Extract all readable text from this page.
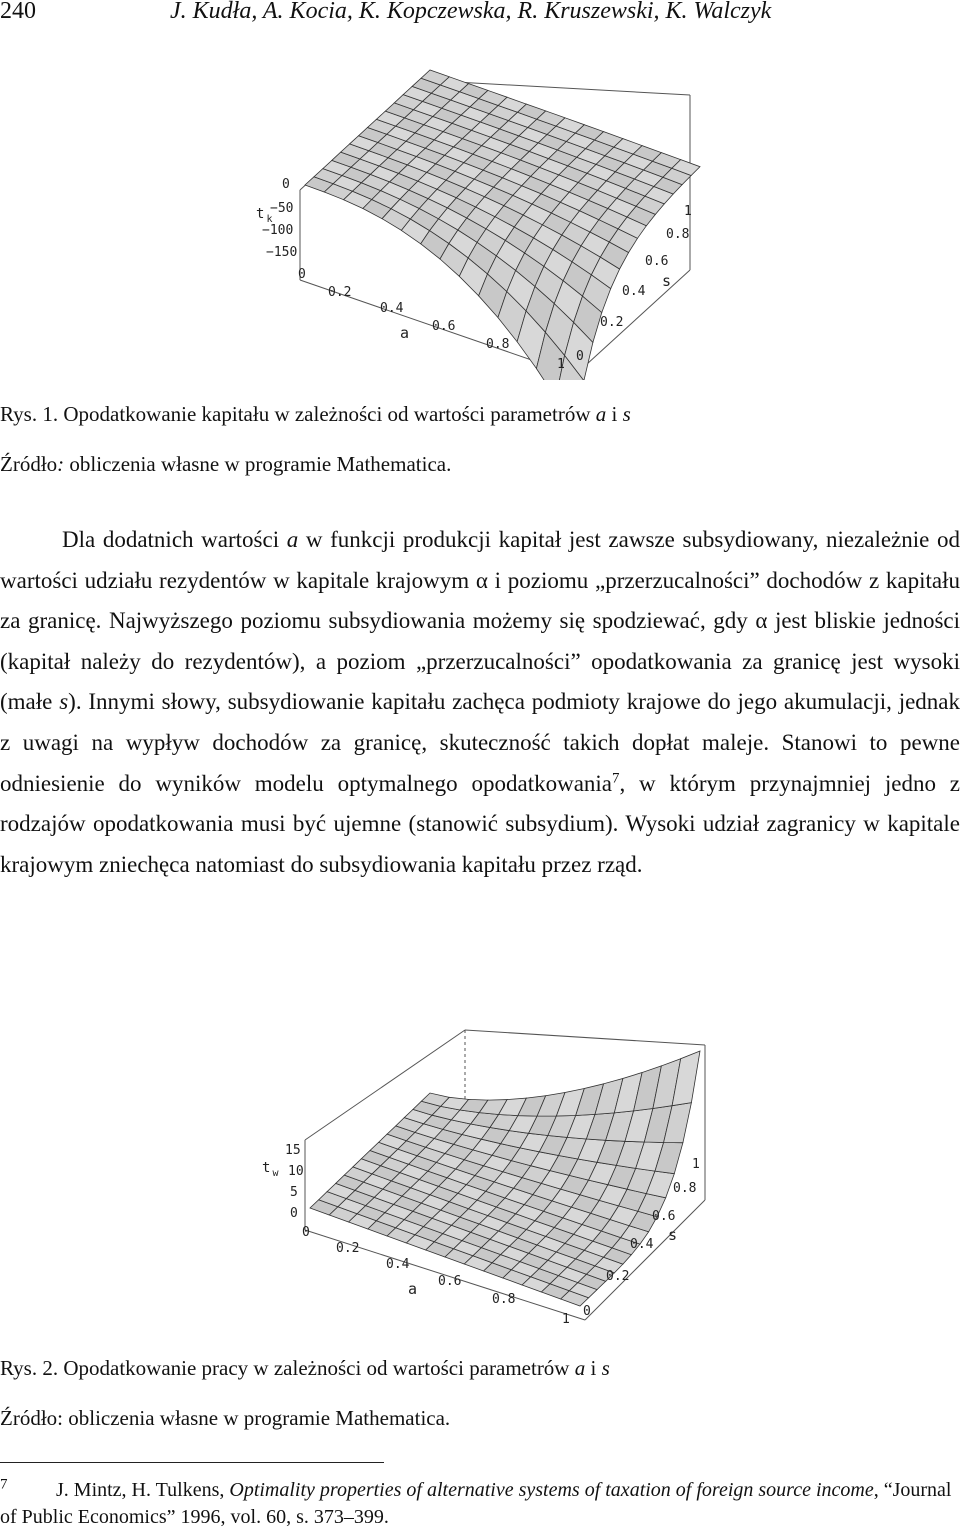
240	J. Kudła, A. Kocia, K. Kopczewska, R. Kruszewski, K. Walczyk
t $_k$
0
−50
−100
−150
0
0.2
0.4
0.6
0.8
1
a
0
0.2
0.4
0.6
0.8
1
s
Rys. 1. Opodatkowanie kapitału w zależności od wartości parametrów a i s
Źródło: obliczenia własne w programie Mathematica.

Dla dodatnich wartości a w funkcji produkcji kapitał jest zawsze subsydiowany, niezależnie od wartości udziału rezydentów w kapitale krajowym α i poziomu „przerzucalności” dochodów z kapitału za granicę. Najwyższego poziomu subsydiowania możemy się spodziewać, gdy α jest bliskie jedności (kapitał należy do rezydentów), a poziom „przerzucalności” opodatkowania za granicę jest wysoki (małe s). Innymi słowy, subsydiowanie kapitału zachęca podmioty krajowe do jego akumulacji, jednak z uwagi na wypływ dochodów za granicę, skuteczność takich dopłat maleje. Stanowi to pewne odniesienie do wyników modelu optymalnego opodatkowania$^7$, w którym przynajmniej jedno z rodzajów opodatkowania musi być ujemne (stanowić subsydium). Wysoki udział zagranicy w kapitale krajowym zniechęca natomiast do subsydiowania kapitału przez rząd.

t $_w$
15
10
5
0
0
0.2
0.4
0.6
0.8
1
a
0
0.2
0.4
0.6
0.8
1
s
Rys. 2. Opodatkowanie pracy w zależności od wartości parametrów a i s
Źródło: obliczenia własne w programie Mathematica.
$^7$ J. Mintz, H. Tulkens, Optimality properties of alternative systems of taxation of foreign source income, “Journal of Public Economics” 1996, vol. 60, s. 373–399.
